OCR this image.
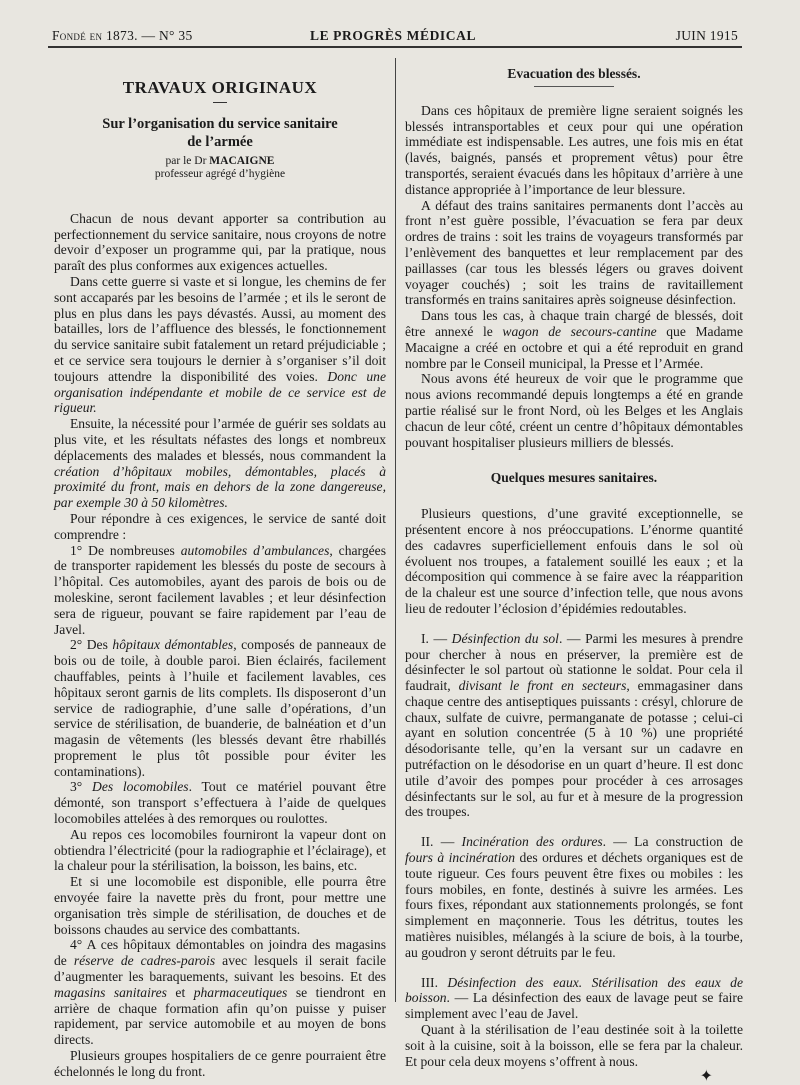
Fondé en 1873. — N° 35	LE PROGRÈS MÉDICAL	JUIN 1915
TRAVAUX ORIGINAUX
Sur l’organisation du service sanitaire
de l’armée
par le Dr MACAIGNE
professeur agrégé d’hygiène

Chacun de nous devant apporter sa contribution au perfectionnement du service sanitaire, nous croyons de notre devoir d’exposer un programme qui, par la pratique, nous paraît des plus conformes aux exigences actuelles.

Dans cette guerre si vaste et si longue, les chemins de fer sont accaparés par les besoins de l’armée ; et ils le seront de plus en plus dans les pays dévastés. Aussi, au moment des batailles, lors de l’affluence des blessés, le fonctionnement du service sanitaire subit fatalement un retard préjudiciable ; et ce service sera toujours le dernier à s’organiser s’il doit toujours attendre la disponibilité des voies. Donc une organisation indépendante et mobile de ce service est de rigueur.

Ensuite, la nécessité pour l’armée de guérir ses soldats au plus vite, et les résultats néfastes des longs et nombreux déplacements des malades et blessés, nous commandent la création d’hôpitaux mobiles, démontables, placés à proximité du front, mais en dehors de la zone dangereuse, par exemple 30 à 50 kilomètres.

Pour répondre à ces exigences, le service de santé doit comprendre :

1° De nombreuses automobiles d’ambulances, chargées de transporter rapidement les blessés du poste de secours à l’hôpital. Ces automobiles, ayant des parois de bois ou de moleskine, seront facilement lavables ; et leur désinfection sera de rigueur, pouvant se faire rapidement par l’eau de Javel.

2° Des hôpitaux démontables, composés de panneaux de bois ou de toile, à double paroi. Bien éclairés, facilement chauffables, peints à l’huile et facilement lavables, ces hôpitaux seront garnis de lits complets. Ils disposeront d’un service de radiographie, d’une salle d’opérations, d’un service de stérilisation, de buanderie, de balnéation et d’un magasin de vêtements (les blessés devant être rhabillés proprement le plus tôt possible pour éviter les contaminations).

3° Des locomobiles. Tout ce matériel pouvant être démonté, son transport s’effectuera à l’aide de quelques locomobiles attelées à des remorques ou roulottes.

Au repos ces locomobiles fourniront la vapeur dont on obtiendra l’électricité (pour la radiographie et l’éclairage), et la chaleur pour la stérilisation, la boisson, les bains, etc.

Et si une locomobile est disponible, elle pourra être envoyée faire la navette près du front, pour mettre une organisation très simple de stérilisation, de douches et de boissons chaudes au service des combattants.

4° A ces hôpitaux démontables on joindra des magasins de réserve de cadres-parois avec lesquels il serait facile d’augmenter les baraquements, suivant les besoins. Et des magasins sanitaires et pharmaceutiques se tiendront en arrière de chaque formation afin qu’on puisse y puiser rapidement, par service automobile et au moyen de bons directs.

Plusieurs groupes hospitaliers de ce genre pourraient être échelonnés le long du front.

Evacuation des blessés.

Dans ces hôpitaux de première ligne seraient soignés les blessés intransportables et ceux pour qui une opération immédiate est indispensable. Les autres, une fois mis en état (lavés, baignés, pansés et proprement vêtus) pour être transportés, seraient évacués dans les hôpitaux d’arrière à une distance appropriée à l’importance de leur blessure.

A défaut des trains sanitaires permanents dont l’accès au front n’est guère possible, l’évacuation se fera par deux ordres de trains : soit les trains de voyageurs transformés par l’enlèvement des banquettes et leur remplacement par des paillasses (car tous les blessés légers ou graves doivent voyager couchés) ; soit les trains de ravitaillement transformés en trains sanitaires après soigneuse désinfection.

Dans tous les cas, à chaque train chargé de blessés, doit être annexé le wagon de secours-cantine que Madame Macaigne a créé en octobre et qui a été reproduit en grand nombre par le Conseil municipal, la Presse et l’Armée.

Nous avons été heureux de voir que le programme que nous avions recommandé depuis longtemps a été en grande partie réalisé sur le front Nord, où les Belges et les Anglais chacun de leur côté, créent un centre d’hôpitaux démontables pouvant hospitaliser plusieurs milliers de blessés.

Quelques mesures sanitaires.

Plusieurs questions, d’une gravité exceptionnelle, se présentent encore à nos préoccupations. L’énorme quantité des cadavres superficiellement enfouis dans le sol où évoluent nos troupes, a fatalement souillé les eaux ; et la décomposition qui commence à se faire avec la réapparition de la chaleur est une source d’infection telle, que nous avons lieu de redouter l’éclosion d’épidémies redoutables.

I. — Désinfection du sol. — Parmi les mesures à prendre pour chercher à nous en préserver, la première est de désinfecter le sol partout où stationne le soldat. Pour cela il faudrait, divisant le front en secteurs, emmagasiner dans chaque centre des antiseptiques puissants : crésyl, chlorure de chaux, sulfate de cuivre, permanganate de potasse ; celui-ci ayant en solution concentrée (5 à 10 %) une propriété désodorisante telle, qu’en la versant sur un cadavre en putréfaction on le désodorise en un quart d’heure. Il est donc utile d’avoir des pompes pour procéder à ces arrosages désinfectants sur le sol, au fur et à mesure de la progression des troupes.

II. — Incinération des ordures. — La construction de fours à incinération des ordures et déchets organiques est de toute rigueur. Ces fours peuvent être fixes ou mobiles : les fours mobiles, en fonte, destinés à suivre les armées. Les fours fixes, répondant aux stationnements prolongés, se font simplement en maçonnerie. Tous les détritus, toutes les matières nuisibles, mélangés à la sciure de bois, à la tourbe, au goudron y seront détruits par le feu.

III. Désinfection des eaux. Stérilisation des eaux de boisson. — La désinfection des eaux de lavage peut se faire simplement avec l’eau de Javel.

Quant à la stérilisation de l’eau destinée soit à la toilette soit à la cuisine, soit à la boisson, elle se fera par la chaleur. Et pour cela deux moyens s’offrent à nous.

✦
